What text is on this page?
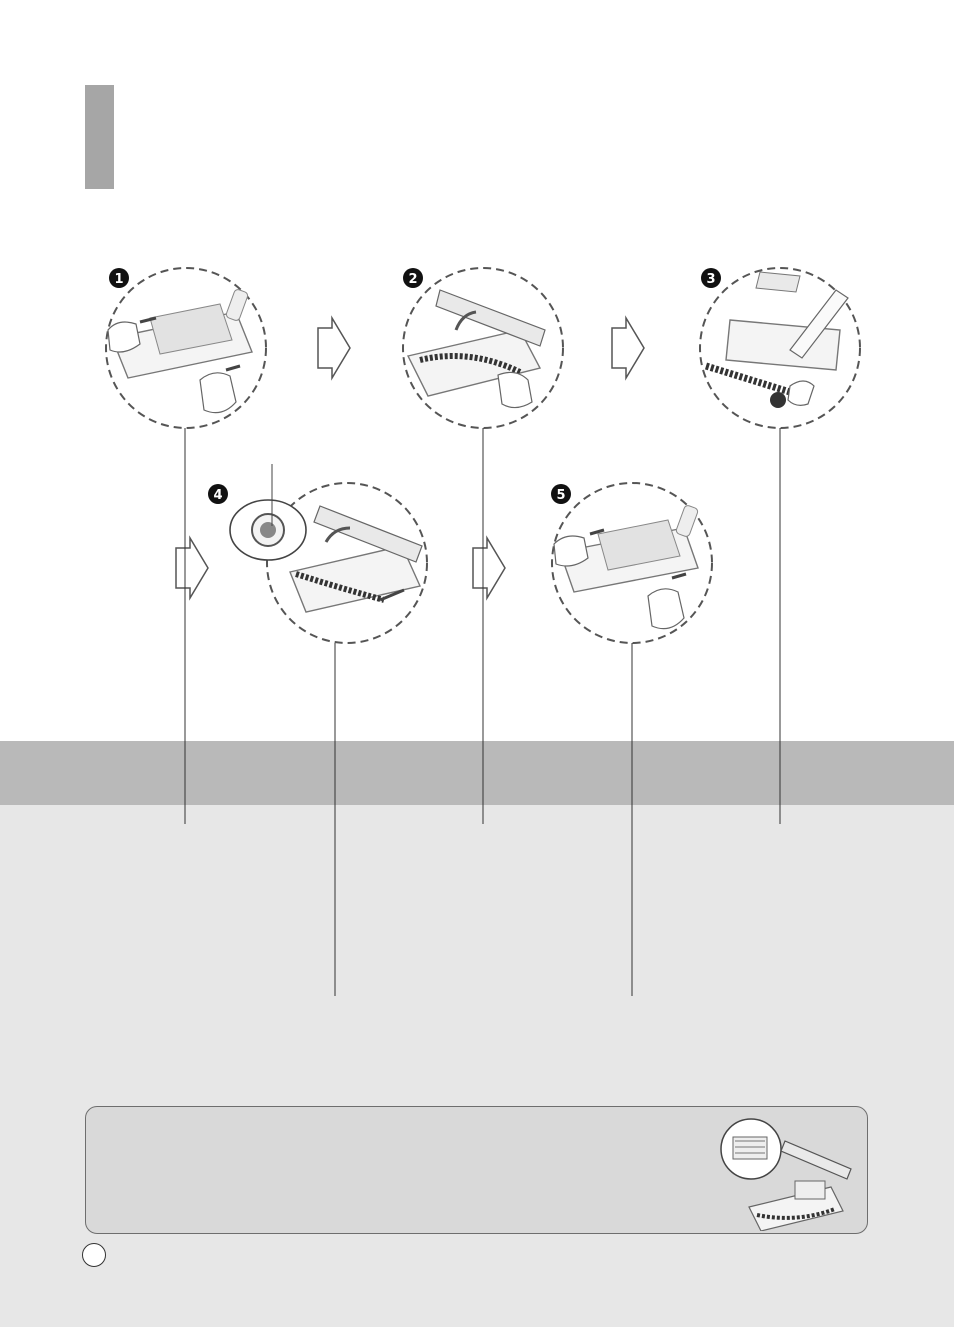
1	2	3
4	5
